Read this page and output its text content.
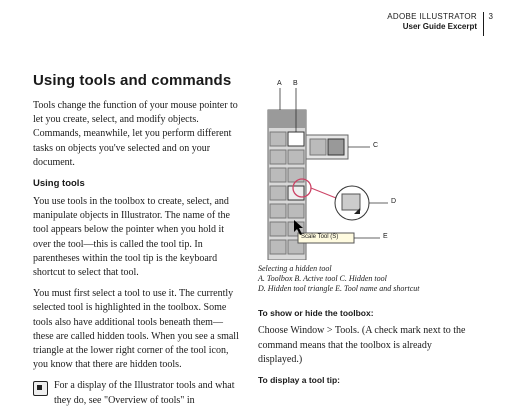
ADOBE ILLUSTRATOR
User Guide Excerpt
3
Using tools and commands

Tools change the function of your mouse pointer to let you create, select, and modify objects. Commands, meanwhile, let you perform different tasks on objects you've selected and on your document.

Using tools

You use tools in the toolbox to create, select, and manipulate objects in Illustrator. The name of the tool appears below the pointer when you hold it over the tool—this is called the tool tip. In parentheses within the tool tip is the keyboard shortcut to select that tool.

You must first select a tool to use it. The currently selected tool is highlighted in the toolbox. Some tools also have additional tools beneath them—these are called hidden tools. When you see a small triangle at the lower right corner of the tool icon, you know that there are hidden tools.

For a display of the Illustrator tools and what they do, see "Overview of tools" in

A B
C
D
E
Scale Tool (S)
Selecting a hidden tool
A. Toolbox B. Active tool C. Hidden tool
D. Hidden tool triangle E. Tool name and shortcut
To show or hide the toolbox:

Choose Window > Tools. (A check mark next to the command means that the toolbox is already displayed.)

To display a tool tip:
